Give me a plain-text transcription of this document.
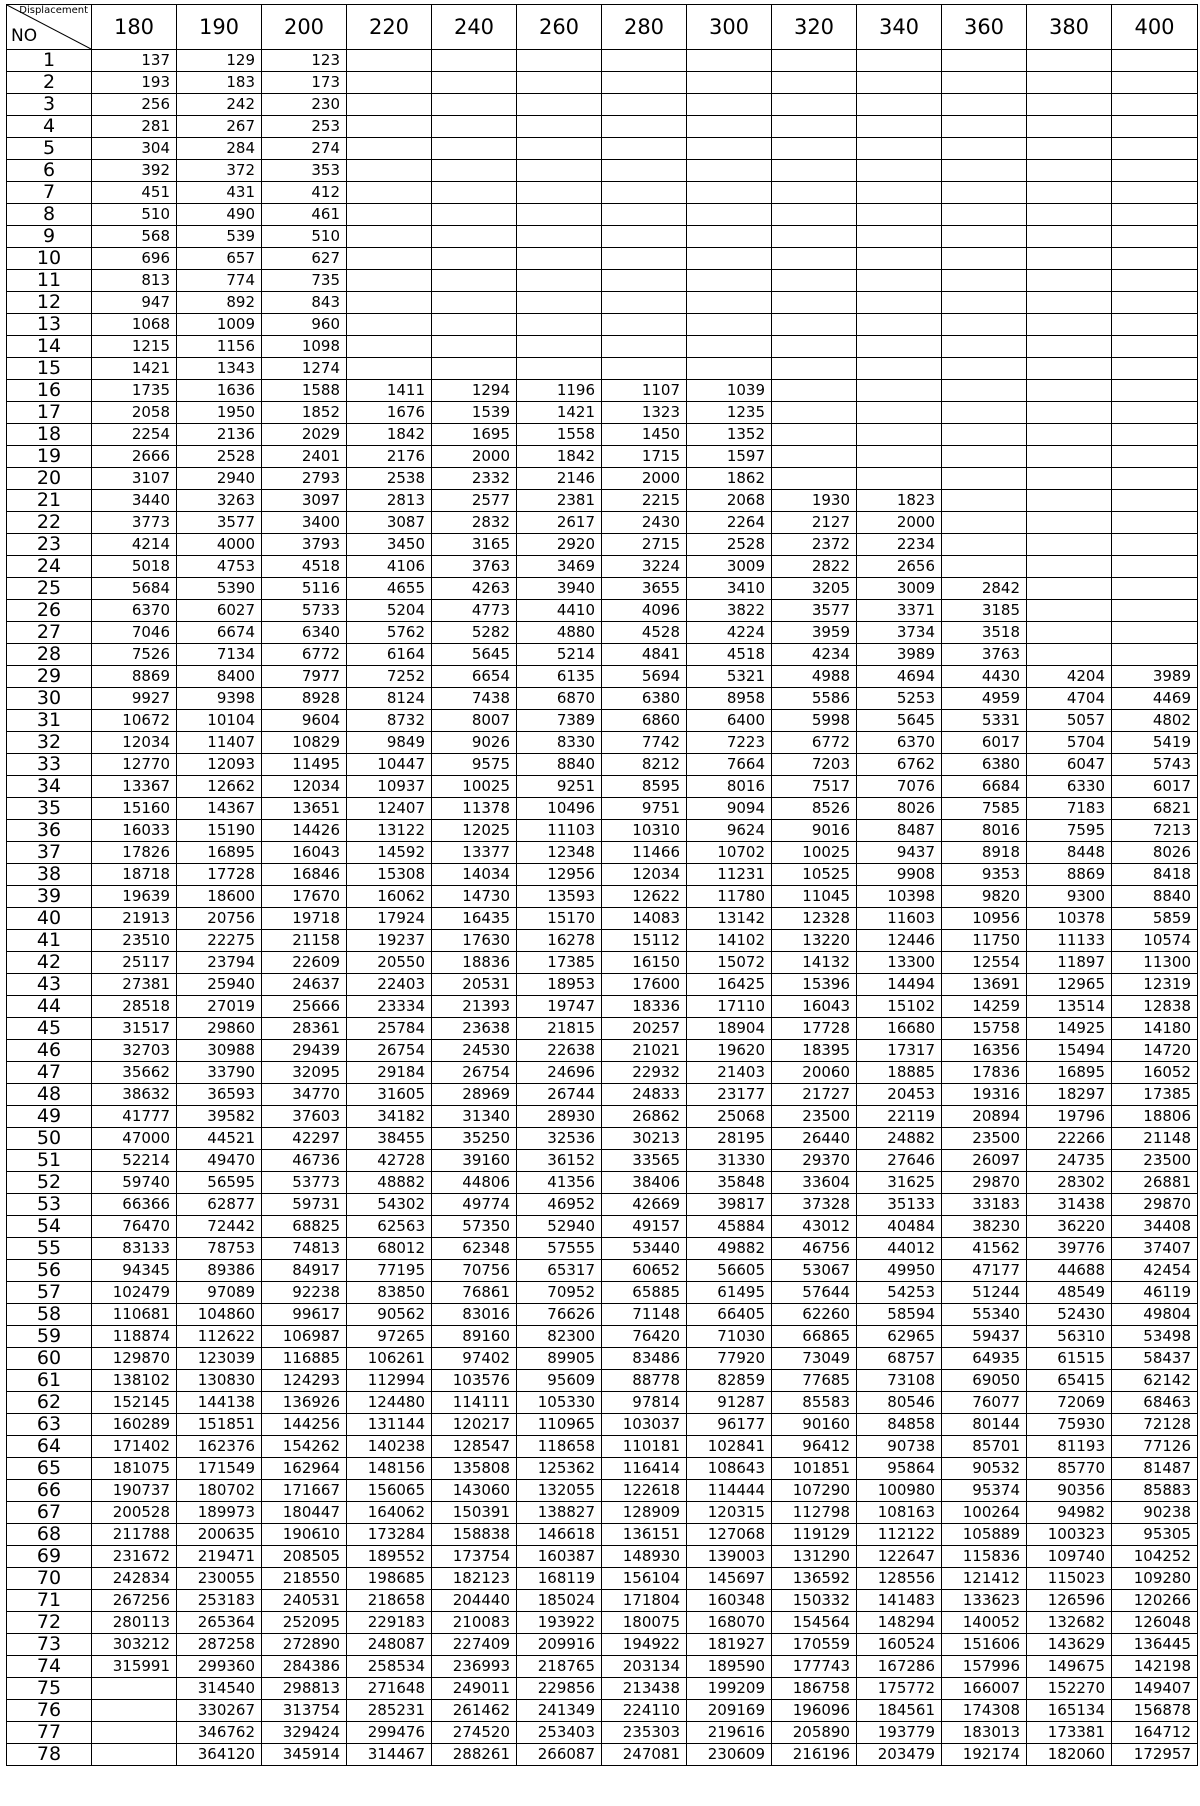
Displacement
NO	180	190	200	220	240	260	280	300	320	340	360	380	400
1	137	129	123										
2	193	183	173										
3	256	242	230										
4	281	267	253										
5	304	284	274										
6	392	372	353										
7	451	431	412										
8	510	490	461										
9	568	539	510										
10	696	657	627										
11	813	774	735										
12	947	892	843										
13	1068	1009	960										
14	1215	1156	1098										
15	1421	1343	1274										
16	1735	1636	1588	1411	1294	1196	1107	1039					
17	2058	1950	1852	1676	1539	1421	1323	1235					
18	2254	2136	2029	1842	1695	1558	1450	1352					
19	2666	2528	2401	2176	2000	1842	1715	1597					
20	3107	2940	2793	2538	2332	2146	2000	1862					
21	3440	3263	3097	2813	2577	2381	2215	2068	1930	1823			
22	3773	3577	3400	3087	2832	2617	2430	2264	2127	2000			
23	4214	4000	3793	3450	3165	2920	2715	2528	2372	2234			
24	5018	4753	4518	4106	3763	3469	3224	3009	2822	2656			
25	5684	5390	5116	4655	4263	3940	3655	3410	3205	3009	2842		
26	6370	6027	5733	5204	4773	4410	4096	3822	3577	3371	3185		
27	7046	6674	6340	5762	5282	4880	4528	4224	3959	3734	3518		
28	7526	7134	6772	6164	5645	5214	4841	4518	4234	3989	3763		
29	8869	8400	7977	7252	6654	6135	5694	5321	4988	4694	4430	4204	3989
30	9927	9398	8928	8124	7438	6870	6380	8958	5586	5253	4959	4704	4469
31	10672	10104	9604	8732	8007	7389	6860	6400	5998	5645	5331	5057	4802
32	12034	11407	10829	9849	9026	8330	7742	7223	6772	6370	6017	5704	5419
33	12770	12093	11495	10447	9575	8840	8212	7664	7203	6762	6380	6047	5743
34	13367	12662	12034	10937	10025	9251	8595	8016	7517	7076	6684	6330	6017
35	15160	14367	13651	12407	11378	10496	9751	9094	8526	8026	7585	7183	6821
36	16033	15190	14426	13122	12025	11103	10310	9624	9016	8487	8016	7595	7213
37	17826	16895	16043	14592	13377	12348	11466	10702	10025	9437	8918	8448	8026
38	18718	17728	16846	15308	14034	12956	12034	11231	10525	9908	9353	8869	8418
39	19639	18600	17670	16062	14730	13593	12622	11780	11045	10398	9820	9300	8840
40	21913	20756	19718	17924	16435	15170	14083	13142	12328	11603	10956	10378	5859
41	23510	22275	21158	19237	17630	16278	15112	14102	13220	12446	11750	11133	10574
42	25117	23794	22609	20550	18836	17385	16150	15072	14132	13300	12554	11897	11300
43	27381	25940	24637	22403	20531	18953	17600	16425	15396	14494	13691	12965	12319
44	28518	27019	25666	23334	21393	19747	18336	17110	16043	15102	14259	13514	12838
45	31517	29860	28361	25784	23638	21815	20257	18904	17728	16680	15758	14925	14180
46	32703	30988	29439	26754	24530	22638	21021	19620	18395	17317	16356	15494	14720
47	35662	33790	32095	29184	26754	24696	22932	21403	20060	18885	17836	16895	16052
48	38632	36593	34770	31605	28969	26744	24833	23177	21727	20453	19316	18297	17385
49	41777	39582	37603	34182	31340	28930	26862	25068	23500	22119	20894	19796	18806
50	47000	44521	42297	38455	35250	32536	30213	28195	26440	24882	23500	22266	21148
51	52214	49470	46736	42728	39160	36152	33565	31330	29370	27646	26097	24735	23500
52	59740	56595	53773	48882	44806	41356	38406	35848	33604	31625	29870	28302	26881
53	66366	62877	59731	54302	49774	46952	42669	39817	37328	35133	33183	31438	29870
54	76470	72442	68825	62563	57350	52940	49157	45884	43012	40484	38230	36220	34408
55	83133	78753	74813	68012	62348	57555	53440	49882	46756	44012	41562	39776	37407
56	94345	89386	84917	77195	70756	65317	60652	56605	53067	49950	47177	44688	42454
57	102479	97089	92238	83850	76861	70952	65885	61495	57644	54253	51244	48549	46119
58	110681	104860	99617	90562	83016	76626	71148	66405	62260	58594	55340	52430	49804
59	118874	112622	106987	97265	89160	82300	76420	71030	66865	62965	59437	56310	53498
60	129870	123039	116885	106261	97402	89905	83486	77920	73049	68757	64935	61515	58437
61	138102	130830	124293	112994	103576	95609	88778	82859	77685	73108	69050	65415	62142
62	152145	144138	136926	124480	114111	105330	97814	91287	85583	80546	76077	72069	68463
63	160289	151851	144256	131144	120217	110965	103037	96177	90160	84858	80144	75930	72128
64	171402	162376	154262	140238	128547	118658	110181	102841	96412	90738	85701	81193	77126
65	181075	171549	162964	148156	135808	125362	116414	108643	101851	95864	90532	85770	81487
66	190737	180702	171667	156065	143060	132055	122618	114444	107290	100980	95374	90356	85883
67	200528	189973	180447	164062	150391	138827	128909	120315	112798	108163	100264	94982	90238
68	211788	200635	190610	173284	158838	146618	136151	127068	119129	112122	105889	100323	95305
69	231672	219471	208505	189552	173754	160387	148930	139003	131290	122647	115836	109740	104252
70	242834	230055	218550	198685	182123	168119	156104	145697	136592	128556	121412	115023	109280
71	267256	253183	240531	218658	204440	185024	171804	160348	150332	141483	133623	126596	120266
72	280113	265364	252095	229183	210083	193922	180075	168070	154564	148294	140052	132682	126048
73	303212	287258	272890	248087	227409	209916	194922	181927	170559	160524	151606	143629	136445
74	315991	299360	284386	258534	236993	218765	203134	189590	177743	167286	157996	149675	142198
75		314540	298813	271648	249011	229856	213438	199209	186758	175772	166007	152270	149407
76		330267	313754	285231	261462	241349	224110	209169	196096	184561	174308	165134	156878
77		346762	329424	299476	274520	253403	235303	219616	205890	193779	183013	173381	164712
78		364120	345914	314467	288261	266087	247081	230609	216196	203479	192174	182060	172957
